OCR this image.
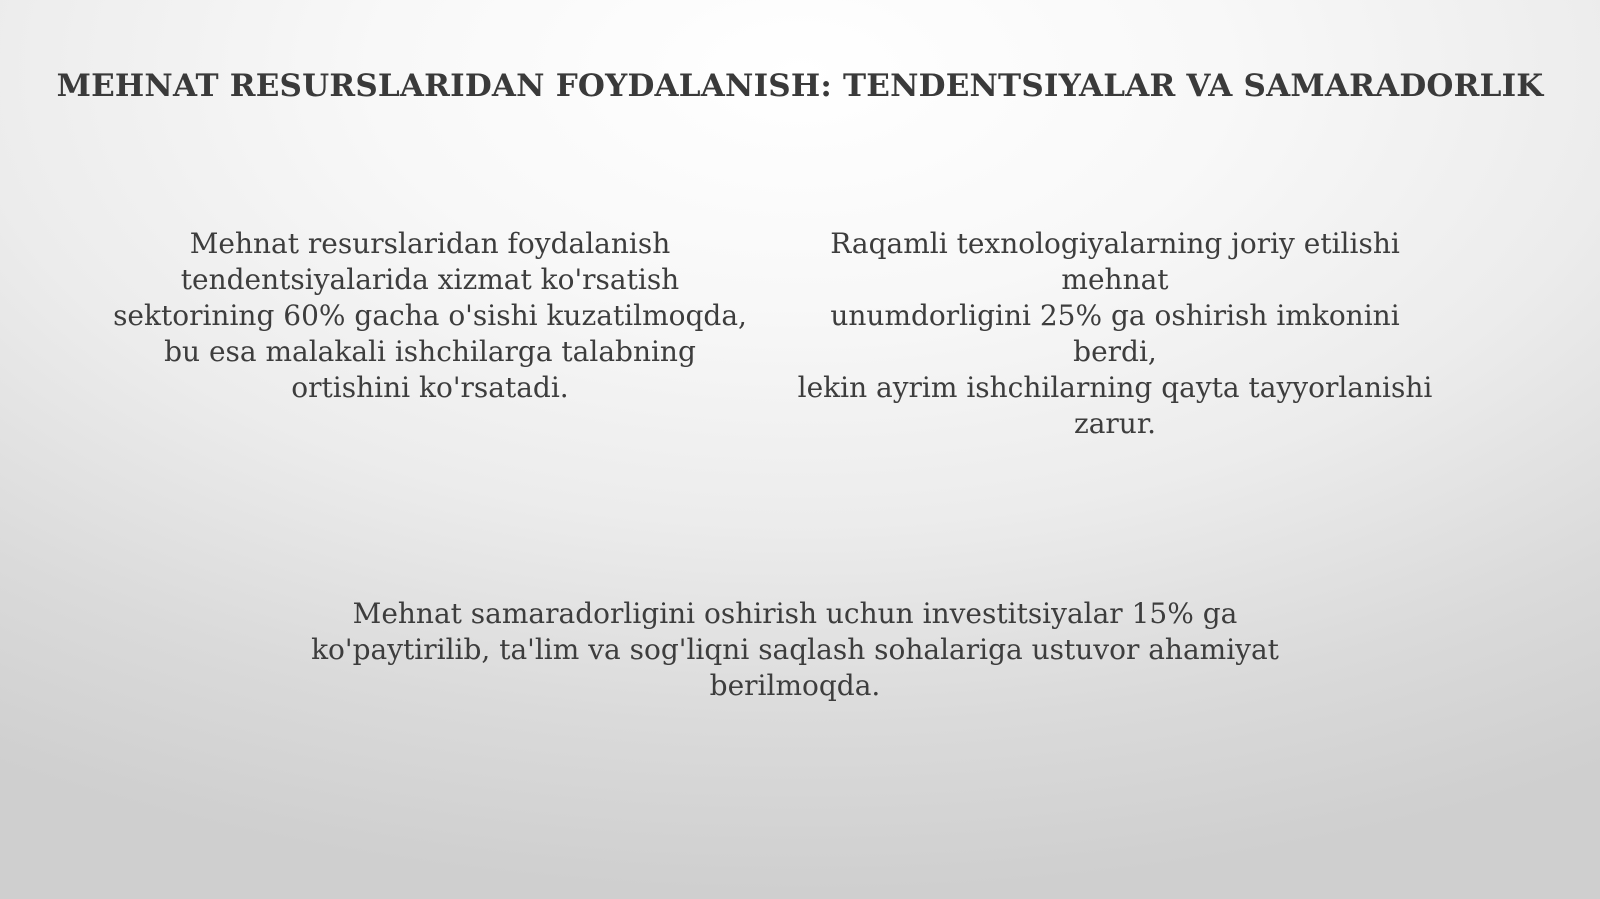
MEHNAT RESURSLARIDAN FOYDALANISH: TENDENTSIYALAR VA SAMARADORLIK
Mehnat resurslaridan foydalanish
tendentsiyalarida xizmat ko'rsatish
sektorining 60% gacha o'sishi kuzatilmoqda,
bu esa malakali ishchilarga talabning
ortishini ko'rsatadi.
Raqamli texnologiyalarning joriy etilishi mehnat
unumdorligini 25% ga oshirish imkonini berdi,
lekin ayrim ishchilarning qayta tayyorlanishi
zarur.
Mehnat samaradorligini oshirish uchun investitsiyalar 15% ga
ko'paytirilib, ta'lim va sog'liqni saqlash sohalariga ustuvor ahamiyat
berilmoqda.
